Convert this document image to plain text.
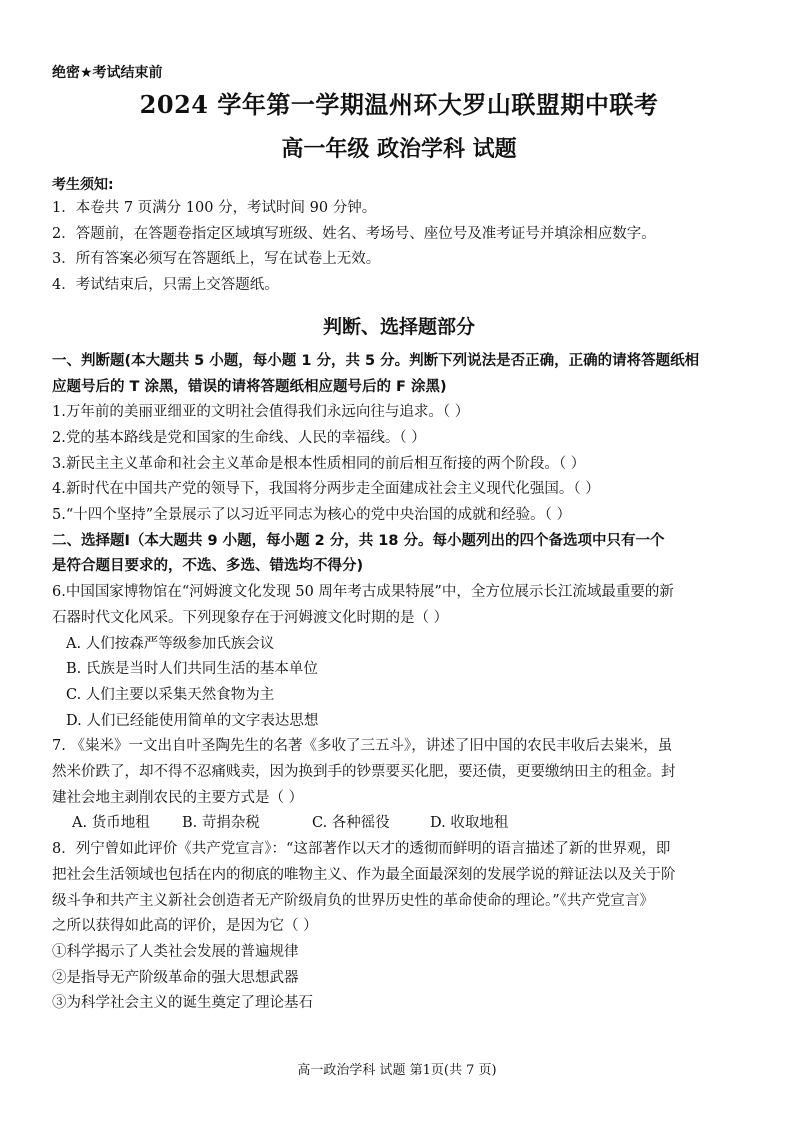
绝密★考试结束前
2024 学年第一学期温州环大罗山联盟期中联考
高一年级 政治学科 试题
考生须知:
1．本卷共 7 页满分 100 分，考试时间 90 分钟。
2．答题前，在答题卷指定区域填写班级、姓名、考场号、座位号及准考证号并填涂相应数字。
3．所有答案必须写在答题纸上，写在试卷上无效。
4．考试结束后，只需上交答题纸。
判断、选择题部分
一、判断题(本大题共 5 小题，每小题 1 分，共 5 分。判断下列说法是否正确，正确的请将答题纸相
应题号后的 T 涂黑，错误的请将答题纸相应题号后的 F 涂黑)
1.万年前的美丽亚细亚的文明社会值得我们永远向往与追求。（ ）
2.党的基本路线是党和国家的生命线、人民的幸福线。（ ）
3.新民主主义革命和社会主义革命是根本性质相同的前后相互衔接的两个阶段。（ ）
4.新时代在中国共产党的领导下，我国将分两步走全面建成社会主义现代化强国。（ ）
5.“十四个坚持”全景展示了以习近平同志为核心的党中央治国的成就和经验。（ ）
二、选择题Ⅰ（本大题共 9 小题，每小题 2 分，共 18 分。每小题列出的四个备选项中只有一个
是符合题目要求的，不选、多选、错选均不得分)
6.中国国家博物馆在“河姆渡文化发现 50 周年考古成果特展”中，全方位展示长江流域最重要的新
石器时代文化风采。下列现象存在于河姆渡文化时期的是（ ）
A. 人们按森严等级参加氏族会议
B. 氏族是当时人们共同生活的基本单位
C. 人们主要以采集天然食物为主
D. 人们已经能使用简单的文字表达思想
7. 《粜米》一文出自叶圣陶先生的名著《多收了三五斗》，讲述了旧中国的农民丰收后去粜米，虽
然米价跌了，却不得不忍痛贱卖，因为换到手的钞票要买化肥，要还债，更要缴纳田主的租金。封
建社会地主剥削农民的主要方式是（ ）
A. 货币地租	B. 苛捐杂税	C. 各种徭役	D. 收取地租
8．列宁曾如此评价《共产党宣言》：“这部著作以天才的透彻而鲜明的语言描述了新的世界观，即
把社会生活领域也包括在内的彻底的唯物主义、作为最全面最深刻的发展学说的辩证法以及关于阶
级斗争和共产主义新社会创造者无产阶级肩负的世界历史性的革命使命的理论。”《共产党宣言》
之所以获得如此高的评价，是因为它（ ）
①科学揭示了人类社会发展的普遍规律
②是指导无产阶级革命的强大思想武器
③为科学社会主义的诞生奠定了理论基石
高一政治学科 试题 第1页(共 7 页)
